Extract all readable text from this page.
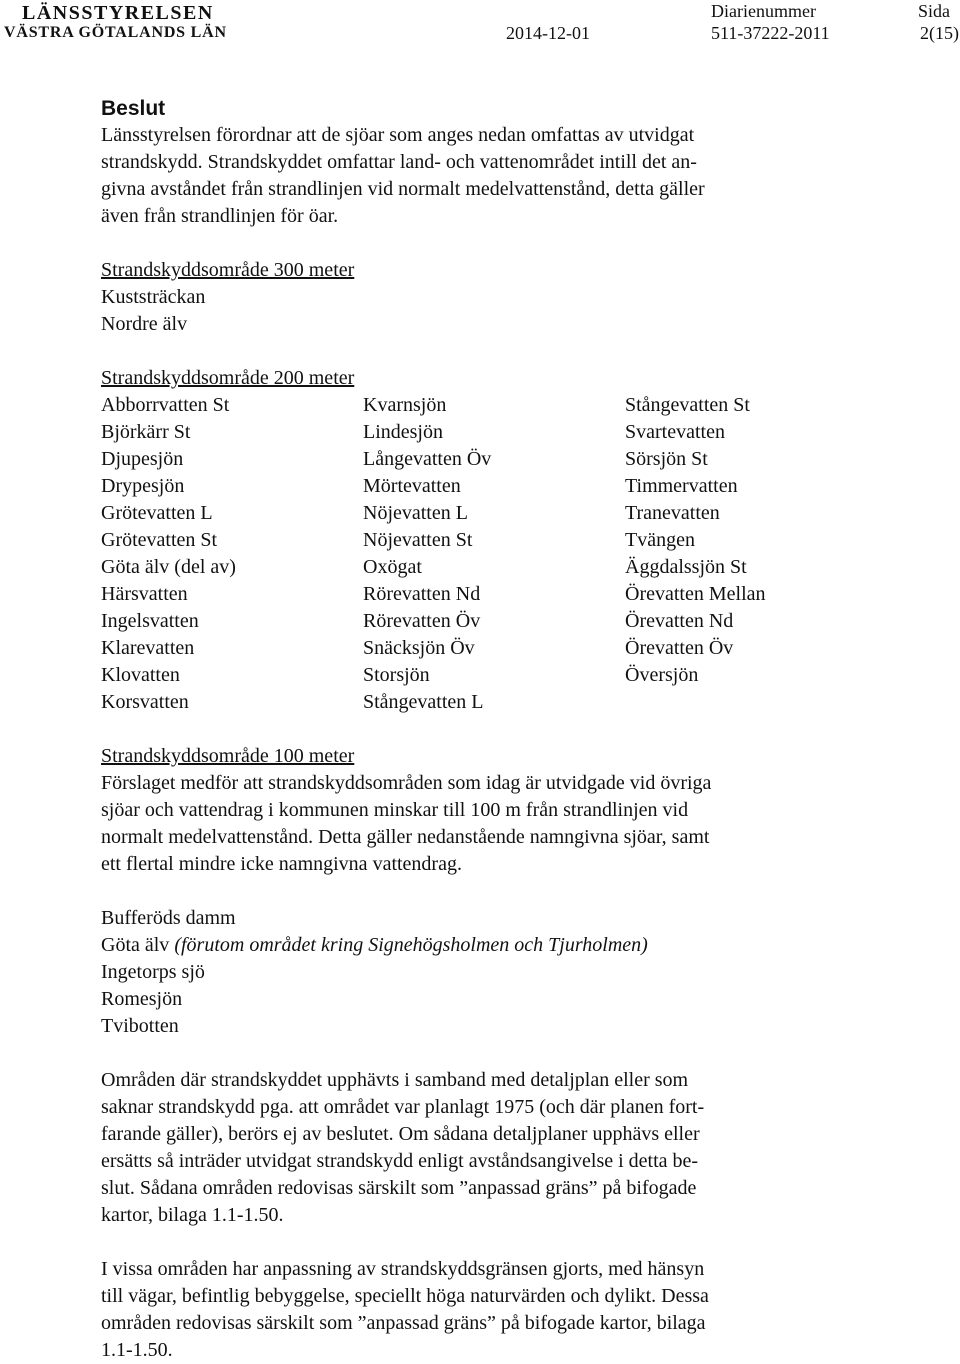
LÄNSSTYRELSEN
VÄSTRA GÖTALANDS LÄN	2014-12-01
Diarienummer
511-37222-2011
Sida
2(15)
Beslut

Länsstyrelsen förordnar att de sjöar som anges nedan omfattas av utvidgat

strandskydd. Strandskyddet omfattar land- och vattenområdet intill det an-

givna avståndet från strandlinjen vid normalt medelvattenstånd, detta gäller

även från strandlinjen för öar.

Strandskyddsområde 300 meter

Kuststräckan

Nordre älv

Strandskyddsområde 200 meter

Abborrvatten St	Kvarnsjön	Stångevatten St
Björkärr St	Lindesjön	Svartevatten
Djupesjön	Långevatten Öv	Sörsjön St
Drypesjön	Mörtevatten	Timmervatten
Grötevatten L	Nöjevatten L	Tranevatten
Grötevatten St	Nöjevatten St	Tvängen
Göta älv (del av)	Oxögat	Äggdalssjön St
Härsvatten	Rörevatten Nd	Örevatten Mellan
Ingelsvatten	Rörevatten Öv	Örevatten Nd
Klarevatten	Snäcksjön Öv	Örevatten Öv
Klovatten	Storsjön	Översjön
Korsvatten	Stångevatten L

Strandskyddsområde 100 meter

Förslaget medför att strandskyddsområden som idag är utvidgade vid övriga

sjöar och vattendrag i kommunen minskar till 100 m från strandlinjen vid

normalt medelvattenstånd. Detta gäller nedanstående namngivna sjöar, samt

ett flertal mindre icke namngivna vattendrag.

Bufferöds damm

Göta älv (förutom området kring Signehögsholmen och Tjurholmen)

Ingetorps sjö

Romesjön

Tvibotten

Områden där strandskyddet upphävts i samband med detaljplan eller som

saknar strandskydd pga. att området var planlagt 1975 (och där planen fort-

farande gäller), berörs ej av beslutet. Om sådana detaljplaner upphävs eller

ersätts så inträder utvidgat strandskydd enligt avståndsangivelse i detta be-

slut. Sådana områden redovisas särskilt som ”anpassad gräns” på bifogade

kartor, bilaga 1.1-1.50.

I vissa områden har anpassning av strandskyddsgränsen gjorts, med hänsyn

till vägar, befintlig bebyggelse, speciellt höga naturvärden och dylikt. Dessa

områden redovisas särskilt som ”anpassad gräns” på bifogade kartor, bilaga

1.1-1.50.
